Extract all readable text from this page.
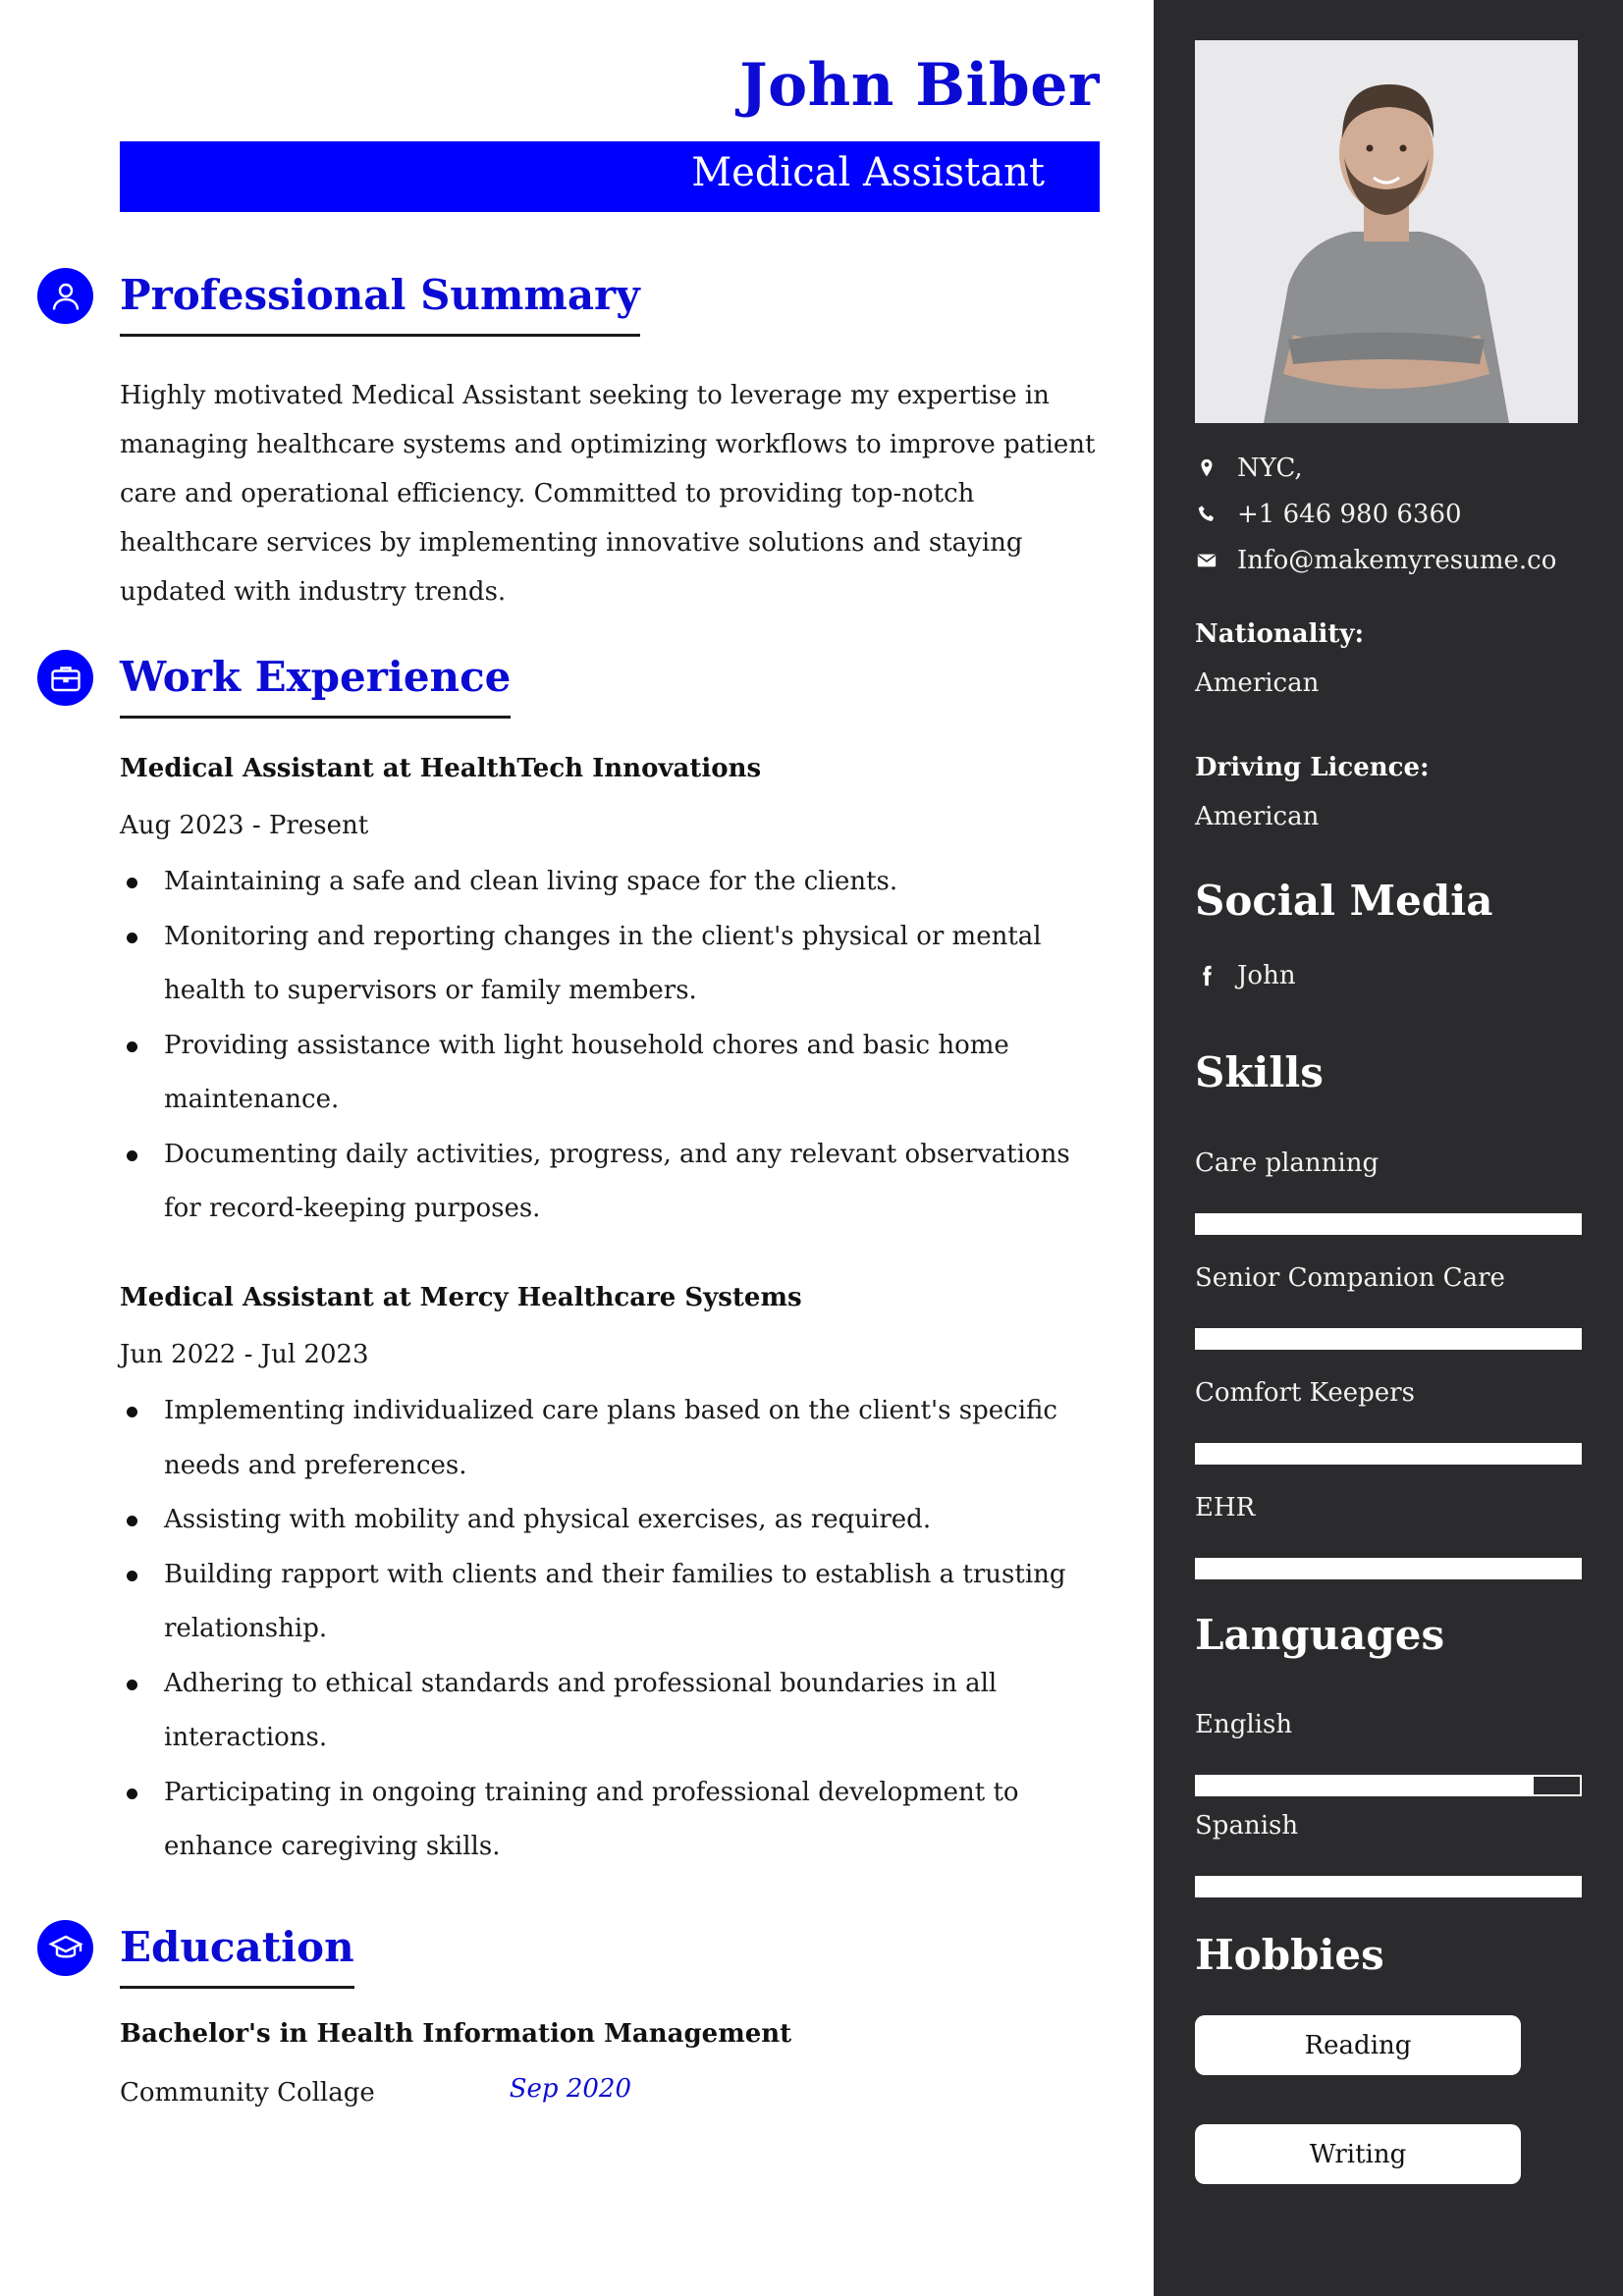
John Biber
Medical Assistant
Professional Summary
Highly motivated Medical Assistant seeking to leverage my expertise in managing healthcare systems and optimizing workflows to improve patient care and operational efficiency. Committed to providing top-notch healthcare services by implementing innovative solutions and staying updated with industry trends.
Work Experience
Medical Assistant at HealthTech Innovations
Aug 2023 - Present
Maintaining a safe and clean living space for the clients.
Monitoring and reporting changes in the client's physical or mental health to supervisors or family members.
Providing assistance with light household chores and basic home maintenance.
Documenting daily activities, progress, and any relevant observations for record-keeping purposes.
Medical Assistant at Mercy Healthcare Systems
Jun 2022 - Jul 2023
Implementing individualized care plans based on the client's specific needs and preferences.
Assisting with mobility and physical exercises, as required.
Building rapport with clients and their families to establish a trusting relationship.
Adhering to ethical standards and professional boundaries in all interactions.
Participating in ongoing training and professional development to enhance caregiving skills.
Education
Bachelor's in Health Information Management
Community Collage	Sep 2020
NYC,
+1 646 980 6360
Info@makemyresume.co
Nationality:
American
Driving Licence:
American
Social Media
John
Skills
Care planning
Senior Companion Care
Comfort Keepers
EHR
Languages
English
Spanish
Hobbies
Reading
Writing
